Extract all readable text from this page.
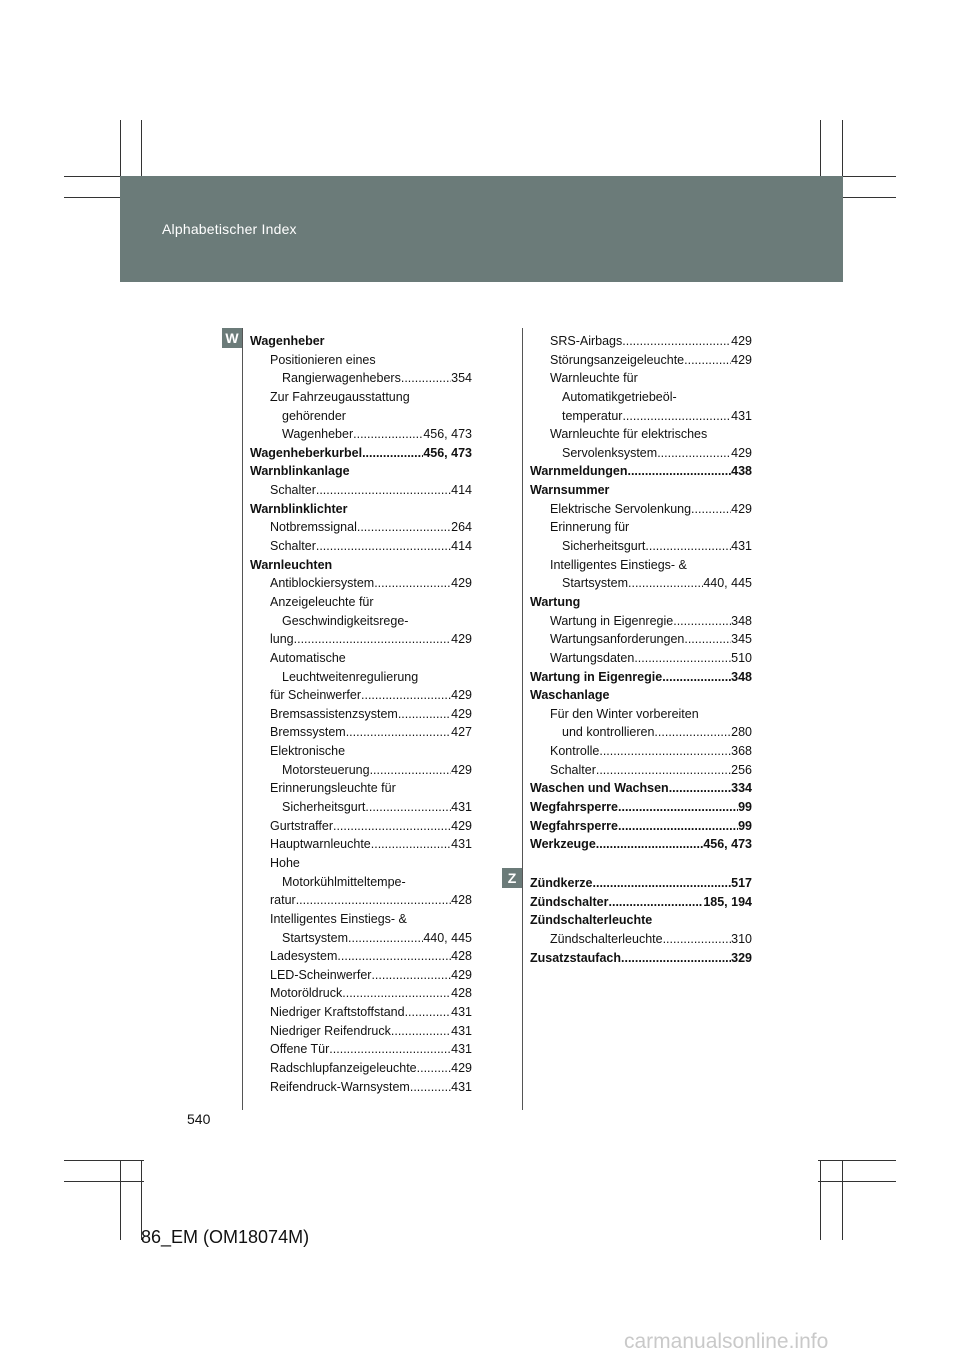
Alphabetischer Index
W
Z
Wagenheber
Positionieren eines
Rangierwagenhebers .....	354
Zur Fahrzeugausstattung
gehörender
Wagenheber .....	456, 473
Wagenheberkurbel .....	456, 473
Warnblinkanlage
Schalter .....	414
Warnblinklichter
Notbremssignal .....	264
Schalter .....	414
Warnleuchten
Antiblockiersystem .....	429
Anzeigeleuchte für
Geschwindigkeitsrege-
lung .....	429
Automatische
Leuchtweitenregulierung
für Scheinwerfer .....	429
Bremsassistenzsystem .....	429
Bremssystem .....	427
Elektronische
Motorsteuerung .....	429
Erinnerungsleuchte für
Sicherheitsgurt .....	431
Gurtstraffer .....	429
Hauptwarnleuchte .....	431
Hohe
Motorkühlmitteltempe-
ratur .....	428
Intelligentes Einstiegs- &
Startsystem .....	440, 445
Ladesystem .....	428
LED-Scheinwerfer .....	429
Motoröldruck .....	428
Niedriger Kraftstoffstand .....	431
Niedriger Reifendruck .....	431
Offene Tür .....	431
Radschlupfanzeigeleuchte .....	429
Reifendruck-Warnsystem .....	431
SRS-Airbags .....	429
Störungsanzeigeleuchte .....	429
Warnleuchte für
Automatikgetriebeöl-
temperatur .....	431
Warnleuchte für elektrisches
Servolenksystem .....	429
Warnmeldungen .....	438
Warnsummer
Elektrische Servolenkung .....	429
Erinnerung für
Sicherheitsgurt .....	431
Intelligentes Einstiegs- &
Startsystem .....	440, 445
Wartung
Wartung in Eigenregie .....	348
Wartungsanforderungen .....	345
Wartungsdaten .....	510
Wartung in Eigenregie .....	348
Waschanlage
Für den Winter vorbereiten
und kontrollieren .....	280
Kontrolle .....	368
Schalter .....	256
Waschen und Wachsen .....	334
Wegfahrsperre .....	99
Wegfahrsperre .....	99
Werkzeuge .....	456, 473
Zündkerze .....	517
Zündschalter .....	185, 194
Zündschalterleuchte
Zündschalterleuchte .....	310
Zusatzstaufach .....	329
540
86_EM (OM18074M)
carmanualsonline.info
